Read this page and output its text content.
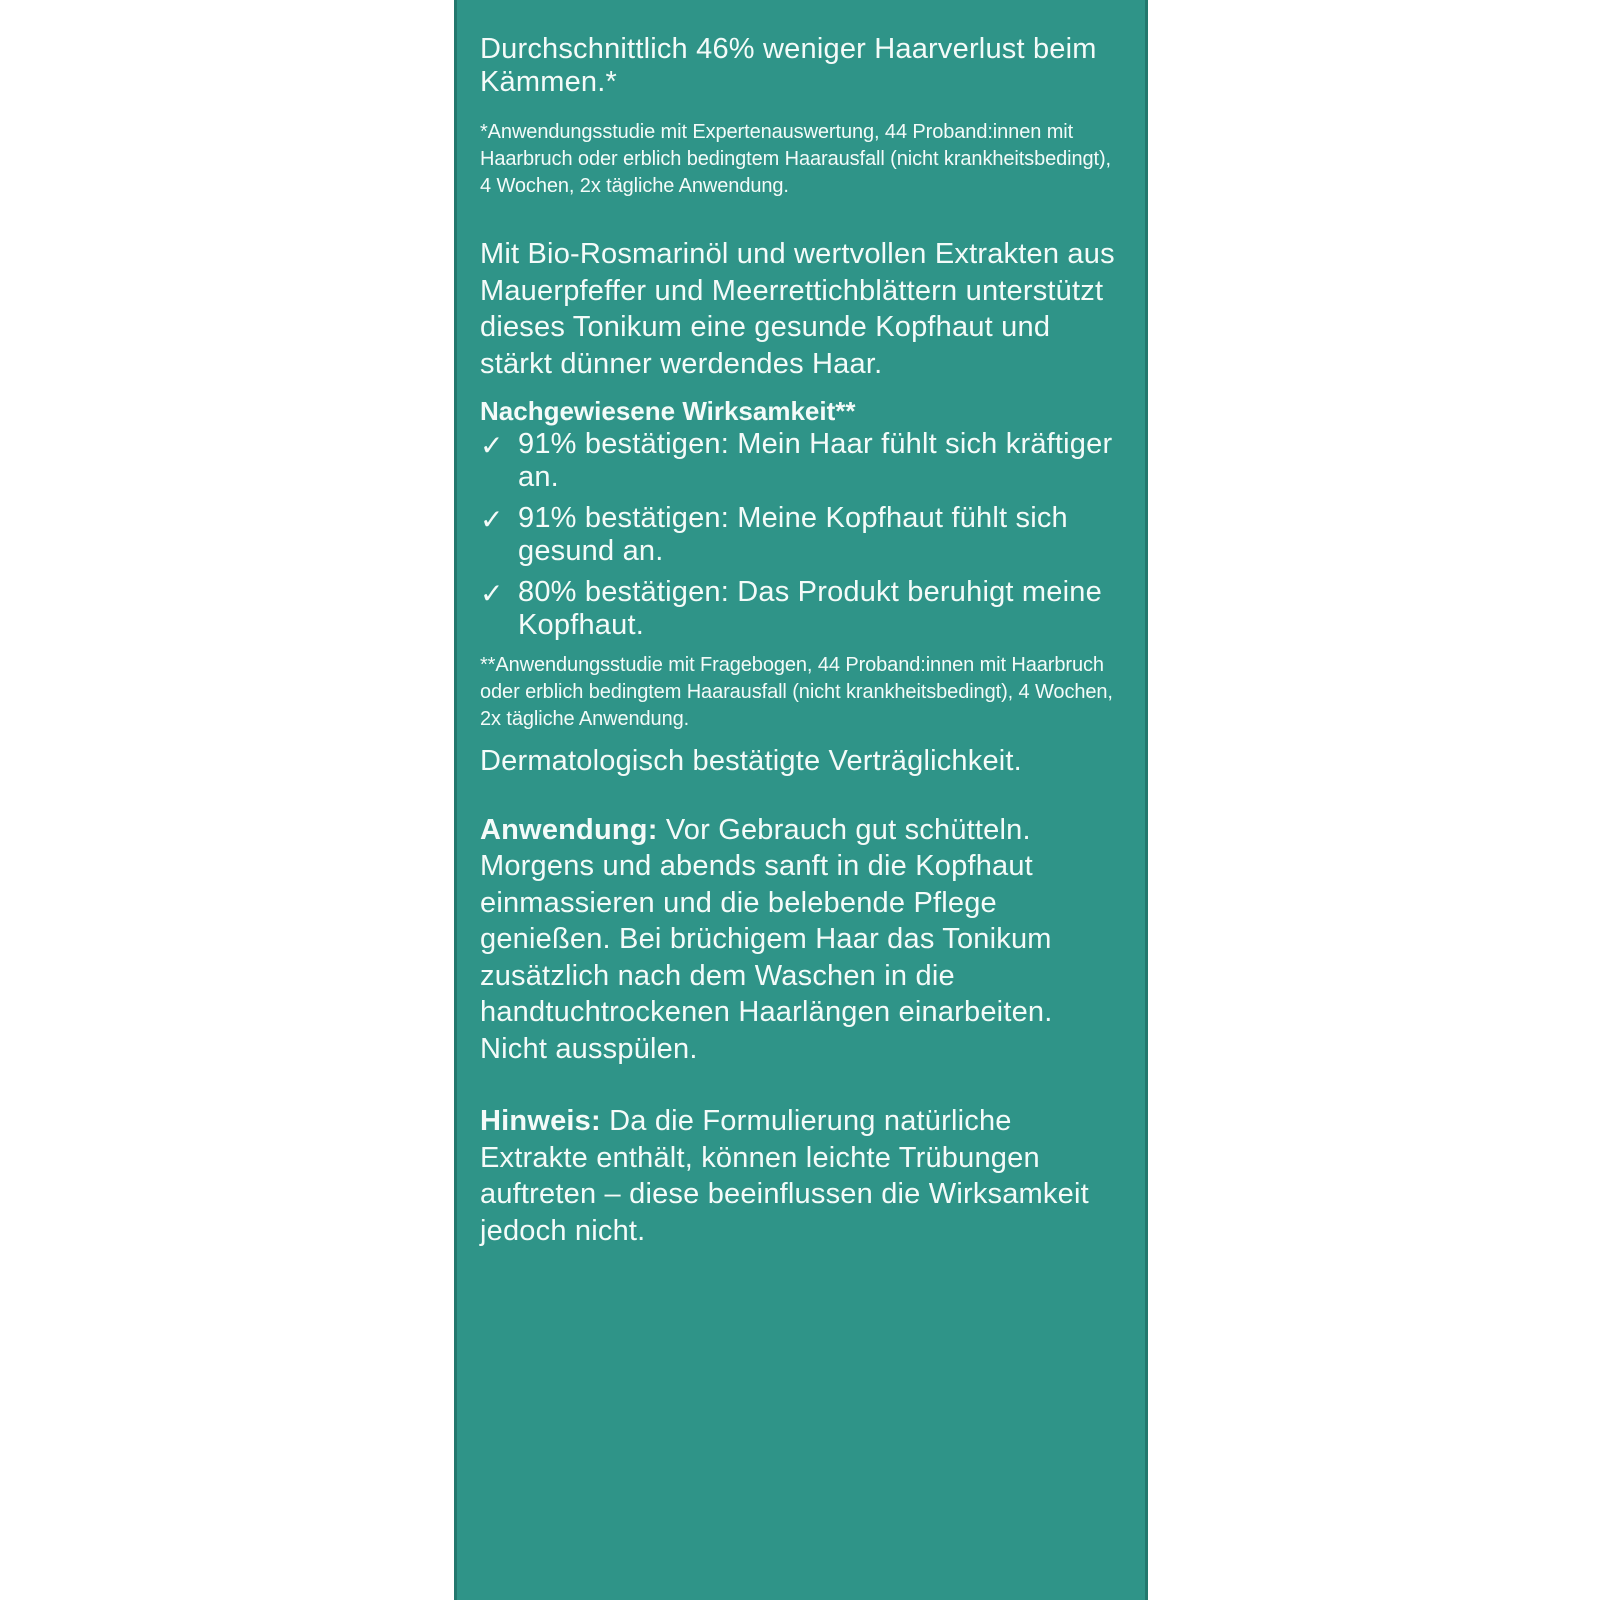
Durchschnittlich 46% weniger Haarverlust beim Kämmen.*

*Anwendungsstudie mit Expertenauswertung, 44 Proband:innen mit Haarbruch oder erblich bedingtem Haarausfall (nicht krankheitsbedingt), 4 Wochen, 2x tägliche Anwendung.

Mit Bio-Rosmarinöl und wertvollen Extrakten aus Mauerpfeffer und Meerrettichblättern unterstützt dieses Tonikum eine gesunde Kopfhaut und stärkt dünner werdendes Haar.

Nachgewiesene Wirksamkeit**

✓ 91% bestätigen: Mein Haar fühlt sich kräftiger an.
✓ 91% bestätigen: Meine Kopfhaut fühlt sich gesund an.
✓ 80% bestätigen: Das Produkt beruhigt meine Kopfhaut.

**Anwendungsstudie mit Fragebogen, 44 Proband:innen mit Haarbruch oder erblich bedingtem Haarausfall (nicht krankheitsbedingt), 4 Wochen, 2x tägliche Anwendung.

Dermatologisch bestätigte Verträglichkeit.

Anwendung: Vor Gebrauch gut schütteln. Morgens und abends sanft in die Kopfhaut einmassieren und die belebende Pflege genießen. Bei brüchigem Haar das Tonikum zusätzlich nach dem Waschen in die handtuchtrockenen Haarlängen einarbeiten. Nicht ausspülen.

Hinweis: Da die Formulierung natürliche Extrakte enthält, können leichte Trübungen auftreten – diese beeinflussen die Wirksamkeit jedoch nicht.
